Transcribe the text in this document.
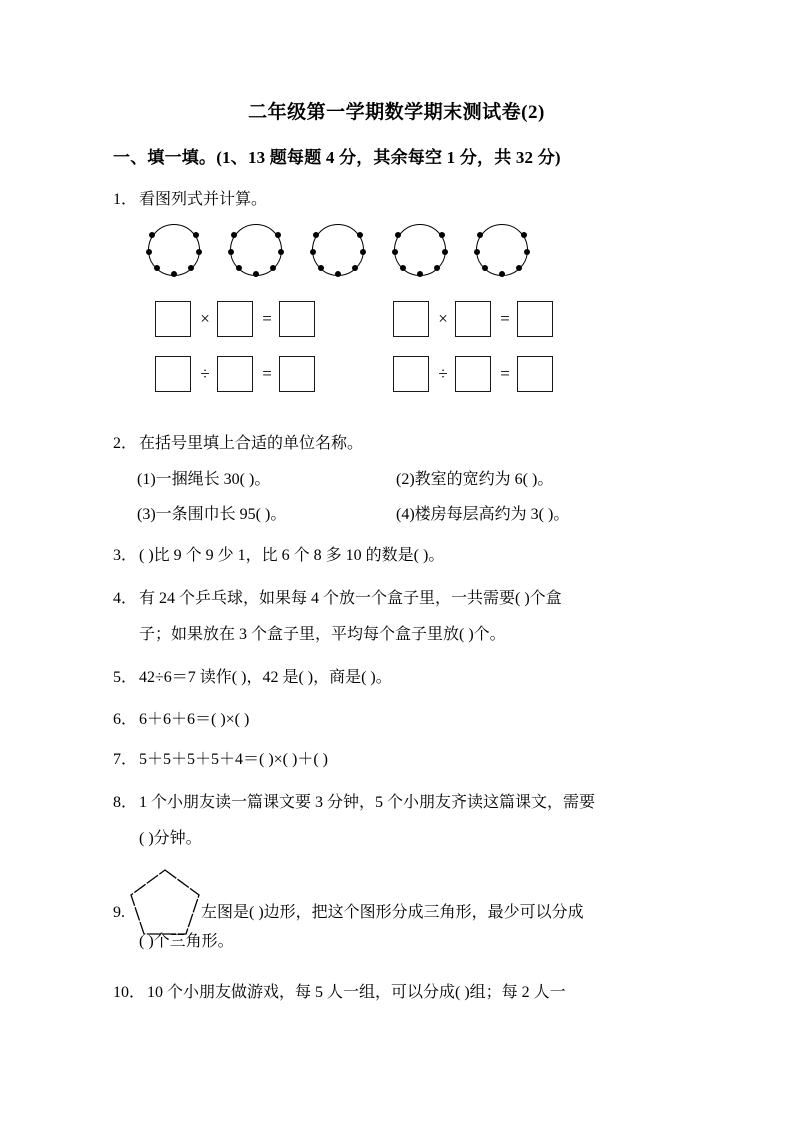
二年级第一学期数学期末测试卷(2)
一、填一填。(1、13 题每题 4 分，其余每空 1 分，共 32 分)
1． 看图列式并计算。
×	=	×	=
÷	=	÷	=
2． 在括号里填上合适的单位名称。
(1)一捆绳长 30( )。	(2)教室的宽约为 6( )。
(3)一条围巾长 95( )。	(4)楼房每层高约为 3( )。
3． ( )比 9 个 9 少 1，比 6 个 8 多 10 的数是( )。
4． 有 24 个乒乓球，如果每 4 个放一个盒子里，一共需要( )个盒
子；如果放在 3 个盒子里，平均每个盒子里放( )个。
5． 42÷6＝7 读作( )，42 是( )，商是( )。
6． 6＋6＋6＝( )×( )
7． 5＋5＋5＋5＋4＝( )×( )＋( )
8． 1 个小朋友读一篇课文要 3 分钟，5 个小朋友齐读这篇课文，需要
( )分钟。
9.	左图是( )边形，把这个图形分成三角形，最少可以分成
( )个三角形。
10． 10 个小朋友做游戏，每 5 人一组，可以分成( )组；每 2 人一
